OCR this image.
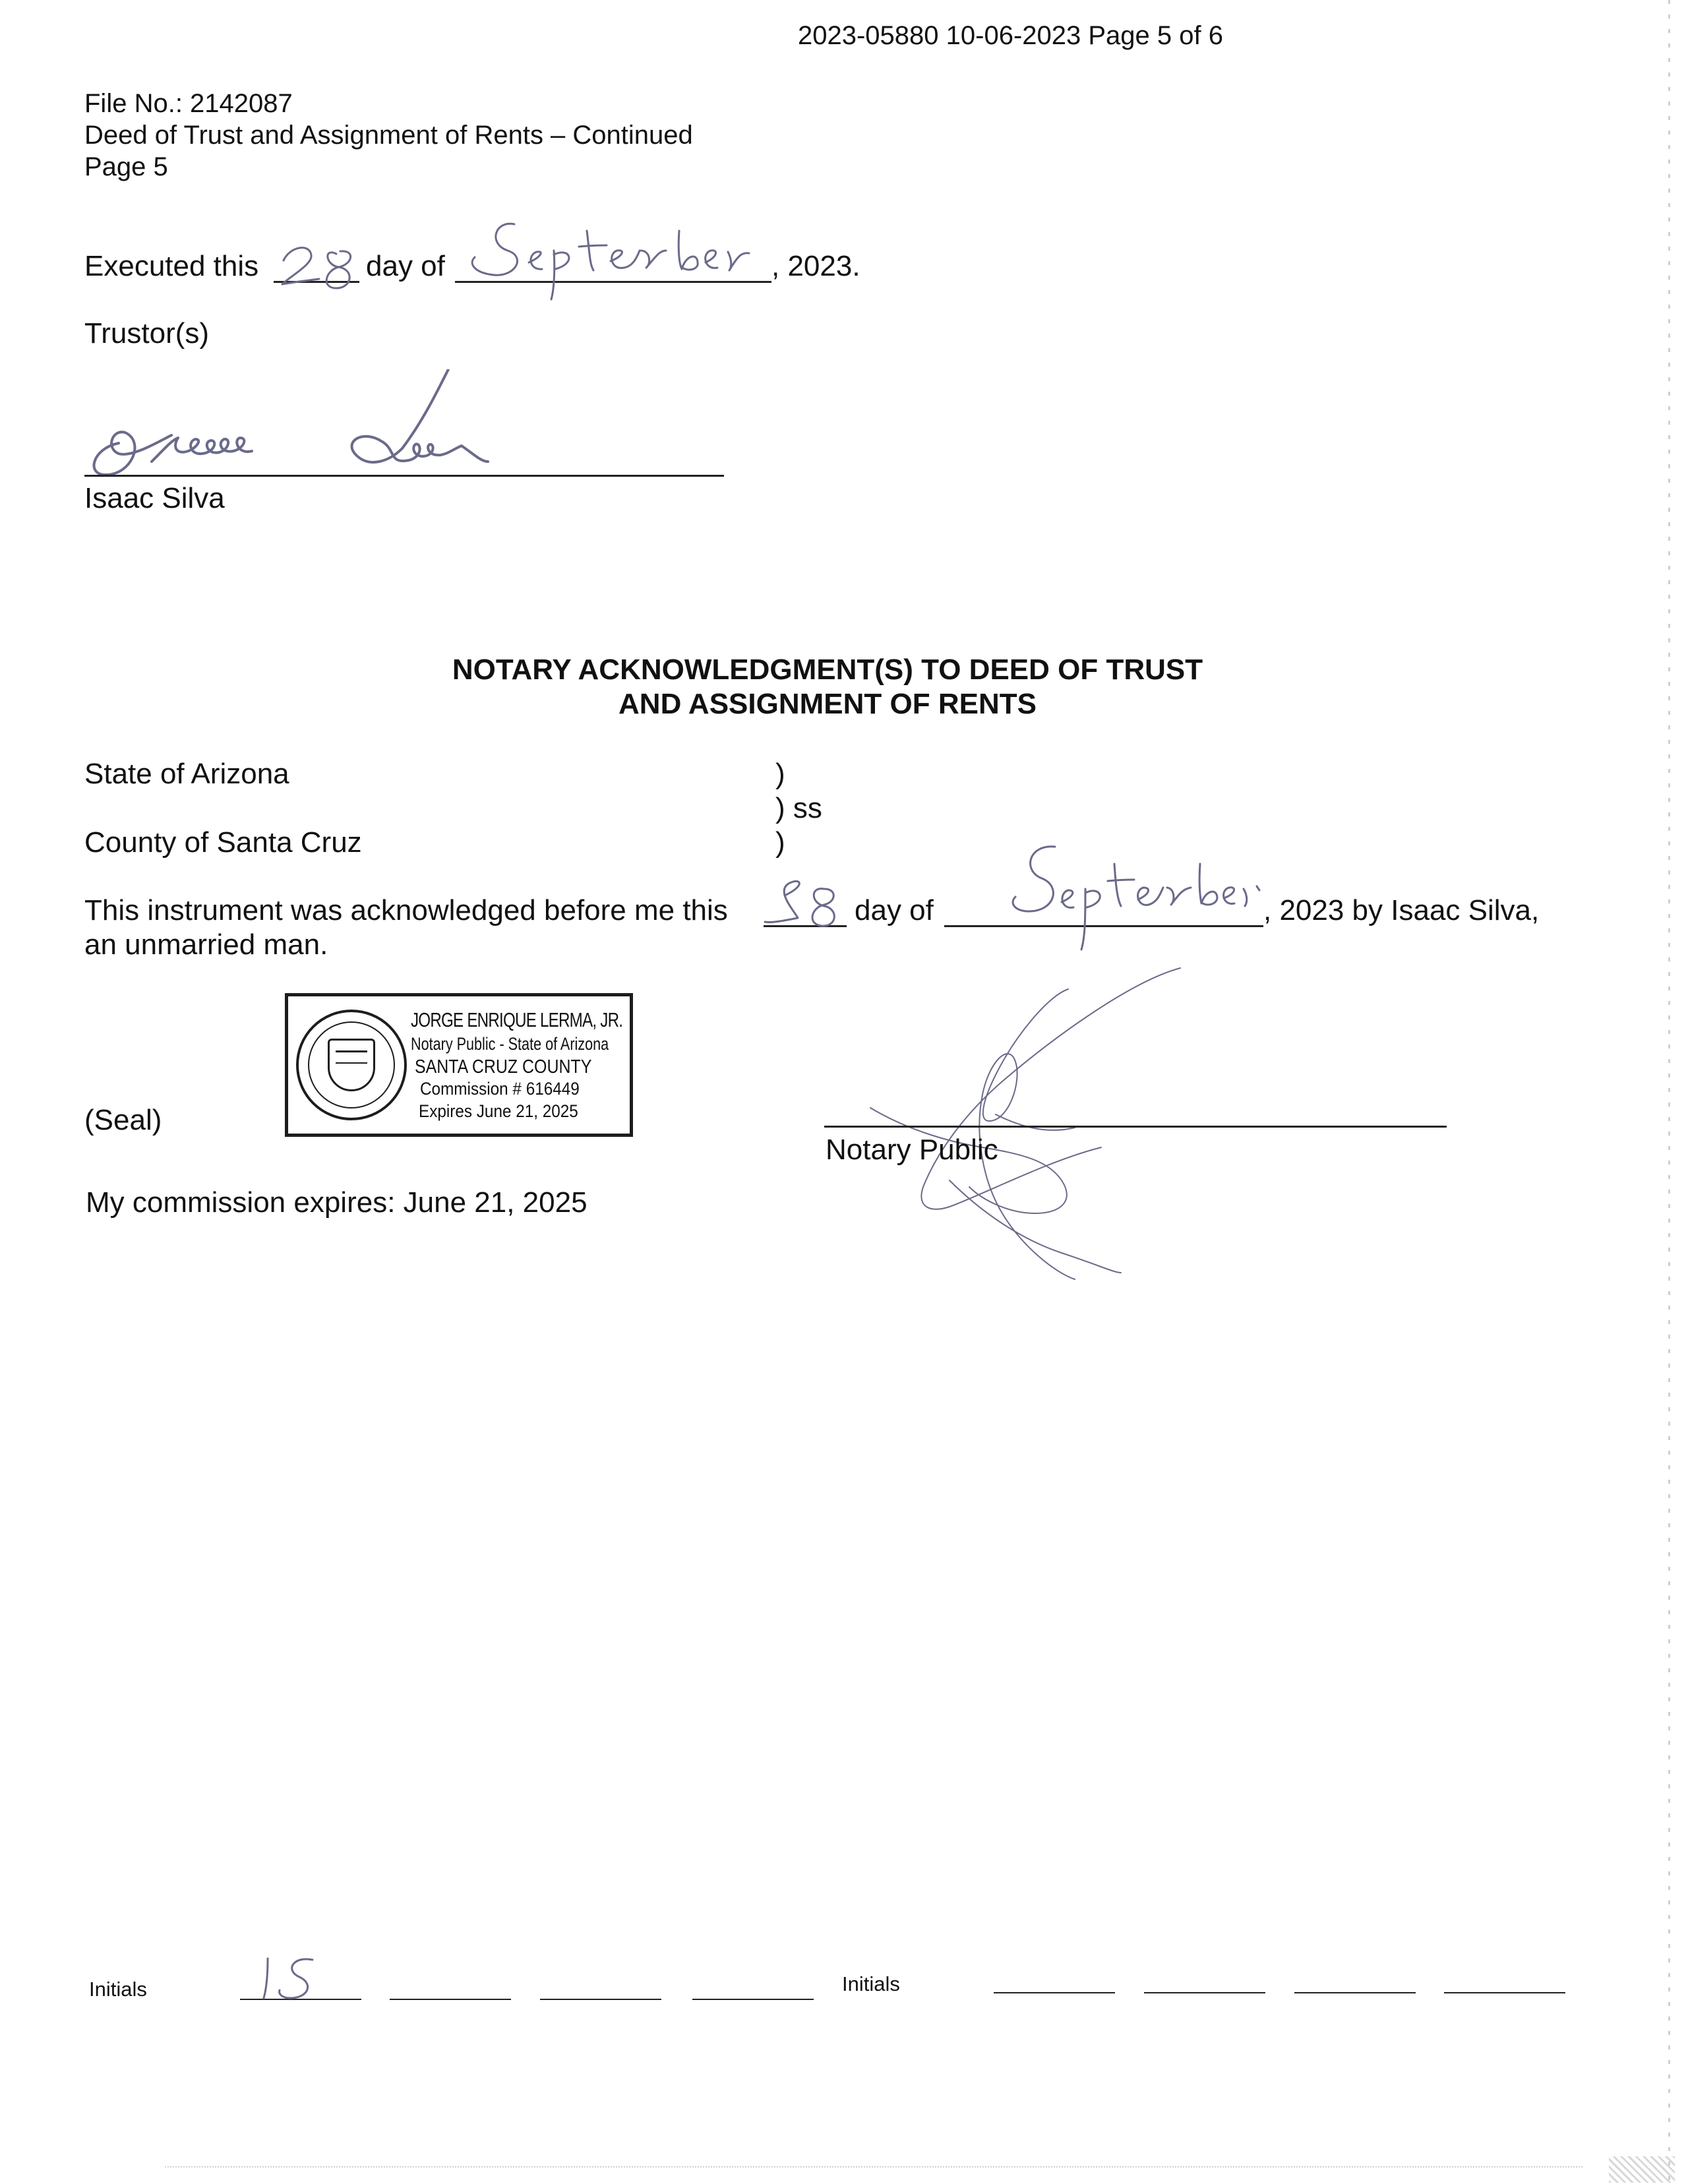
2023-05880 10-06-2023 Page 5 of 6
File No.: 2142087
Deed of Trust and Assignment of Rents – Continued
Page 5
Executed this	day of	, 2023.
Trustor(s)
Isaac Silva
NOTARY ACKNOWLEDGMENT(S) TO DEED OF TRUST
AND ASSIGNMENT OF RENTS
State of Arizona	)
) ss
County of Santa Cruz	)
This instrument was acknowledged before me this	day of	, 2023 by Isaac Silva,
an unmarried man.
JORGE ENRIQUE LERMA, JR.
Notary Public - State of Arizona
SANTA CRUZ COUNTY
Commission # 616449
Expires June 21, 2025
(Seal)
Notary Public
My commission expires: June 21, 2025
Initials	Initials
